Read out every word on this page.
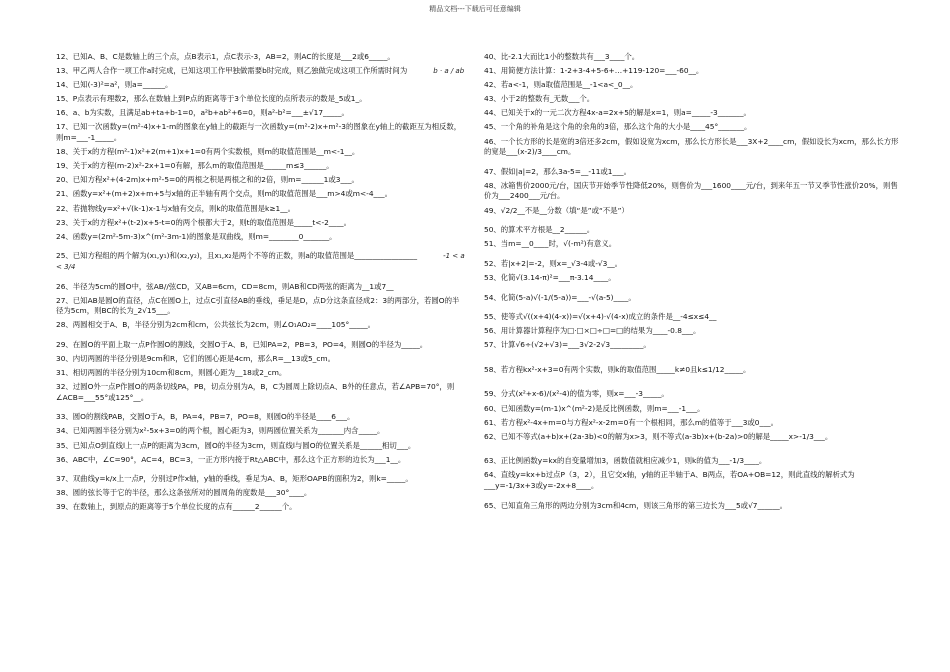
精品文档---下载后可任意编辑
12、已知A、B、C是数轴上的三个点，点B表示1，点C表示-3，AB=2，则AC的长度是___2或6_____。
13、甲乙两人合作一项工作a时完成，已知这项工作甲独做需要b时完成，则乙独做完成这项工作所需时间为	b · a / ab
14、已知(-3)²=a²，则a=______。
15、P点表示有理数2，那么在数轴上到P点的距离等于3个单位长度的点所表示的数是_5或1_。
16、a、b为实数，且满足ab+ta+b-1=0，a²b+ab²+6=0，则a²-b²=___±√17_____。
17、已知一次函数y=(m²-4)x+1-m的图象在y轴上的截距与一次函数y=(m²-2)x+m²-3的图象在y轴上的截距互为相反数，则m=___-1_____。
18、关于x的方程(m²-1)x²+2(m+1)x+1=0有两个实数根，则m的取值范围是__m<-1__。
19、关于x的方程(m-2)x²-2x+1=0有解，那么m的取值范围是______m≤3______。
20、已知方程x²+(4-2m)x+m²-5=0的两根之积是两根之和的2倍，则m=______1或3___。
21、函数y=x²+(m+2)x+m+5与x轴的正半轴有两个交点，则m的取值范围是___m>4或m<-4___。
22、若抛物线y=x²+√(k-1)x-1与x轴有交点，则k的取值范围是k≥1__。
23、关于x的方程x²+(t-2)x+5-t=0的两个根都大于2，则t的取值范围是_____t<-2____。
24、函数y=(2m²-5m-3)x^(m²-3m-1)的图象是双曲线，则m=________0_______。
25、已知方程组的两个解为(x₁,y₁)和(x₂,y₂)，且x₁,x₂是两个不等的正数，则a的取值范围是_________________	-1 < a < 3/4
26、半径为5cm的圆O中，弦AB//弦CD，又AB=6cm，CD=8cm，则AB和CD两弦的距离为__1或7__
27、已知AB是圆O的直径，点C在圆O上，过点C引直径AB的垂线，垂足是D，点D分这条直径成2：3的两部分，若圆O的半径为5cm，则BC的长为_2√15___。
28、两圆相交于A、B，半径分别为2cm和cm，公共弦长为2cm，则∠O₁AO₂=____105°_____。
29、在圆O的平面上取一点P作圆O的割线，交圆O于A、B，已知PA=2，PB=3，PO=4，则圆O的半径为_____。
30、内切两圆的半径分别是9cm和R，它们的圆心距是4cm，那么R=__13或5_cm。
31、相切两圆的半径分别为10cm和8cm，则圆心距为__18或2_cm。
32、过圆O外一点P作圆O的两条切线PA，PB，切点分别为A，B，C为圆周上除切点A、B外的任意点，若∠APB=70°，则∠ACB=___55°或125°__。
33、圆O的割线PAB，交圆O于A，B，PA=4，PB=7，PO=8，则圆O的半径是____6___。
34、已知两圆半径分别为x²-5x+3=0的两个根，圆心距为3，则两圆位置关系为_______内含_____。
35、已知点O到直线l上一点P的距离为3cm，圆O的半径为3cm，则直线l与圆O的位置关系是______相切___。
36、ABC中，∠C=90°，AC=4，BC=3，一正方形内接于Rt△ABC中，那么这个正方形的边长为___1__。
37、双曲线y=k/x上一点P，分别过P作x轴，y轴的垂线，垂足为A、B，矩形OAPB的面积为2，则k=_____。
38、圆的弦长等于它的半径，那么这条弦所对的圆周角的度数是___30°____。
39、在数轴上，到原点的距离等于5个单位长度的点有______2______个。
40、比-2.1大而比1小的整数共有___3____个。
41、用简便方法计算：1-2+3-4+5-6+…+119-120=___-60__。
42、若a<-1，则a取值范围是__-1<a<_0__。
43、小于2的整数有_无数___个。
44、已知关于x的一元二次方程4x-a=2x+5的解是x=1，则a=_____-3_______。
45、一个角的补角是这个角的余角的3倍，那么这个角的大小是____45°_______。
46、一个长方形的长是宽的3倍还多2cm，假如设宽为xcm，那么长方形长是___3X+2____cm，假如设长为xcm，那么长方形的宽是___(x-2)/3____cm。
47、假如|a|=2，那么3a-5=__-11或1___。
48、冰箱售价2000元/台，国庆节开始季节性降低20%，则售价为___1600____元/台，到来年五一节又季节性涨价20%，则售价为___2400___元/台。
49、√2/2__不是__分数（填“是”或“不是”）
50、的算术平方根是__2______。
51、当m=__0____时，√(-m²)有意义。
52、若|x+2|=-2，则x=_√3-4或-√3__。
53、化简√(3.14-π)²=___π-3.14____。
54、化简(5-a)√(-1/(5-a))=___-√(a-5)____。
55、使等式√((x+4)(4-x))=√(x+4)·√(4-x)成立的条件是__-4≤x≤4__
56、用计算器计算程序为□·□×□÷□=□的结果为____-0.8___。
57、计算√6÷(√2+√3)=___3√2-2√3_________。
58、若方程kx²-x+3=0有两个实数，则k的取值范围_____k≠0且k≤1/12_____。
59、分式(x²+x-6)/(x²-4)的值为零，则x=___-3_____。
60、已知函数y=(m-1)x^(m²-2)是反比例函数，则m=___-1___。
61、若方程x²-4x+m=0与方程x²-x-2m=0有一个根相同，那么m的值等于___3或0___。
62、已知不等式(a+b)x+(2a-3b)<0的解为x>3，则不等式(a-3b)x+(b-2a)>0的解是_____x>-1/3___。
63、正比例函数y=kx的自变量增加3，函数值就相应减少1，则k的值为___-1/3____。
64、直线y=kx+b过点P（3，2），且它交x轴，y轴的正半轴于A、B两点，若OA+OB=12，则此直线的解析式为___y=-1/3x+3或y=-2x+8____。
65、已知直角三角形的两边分别为3cm和4cm，则该三角形的第三边长为___5或√7______。
